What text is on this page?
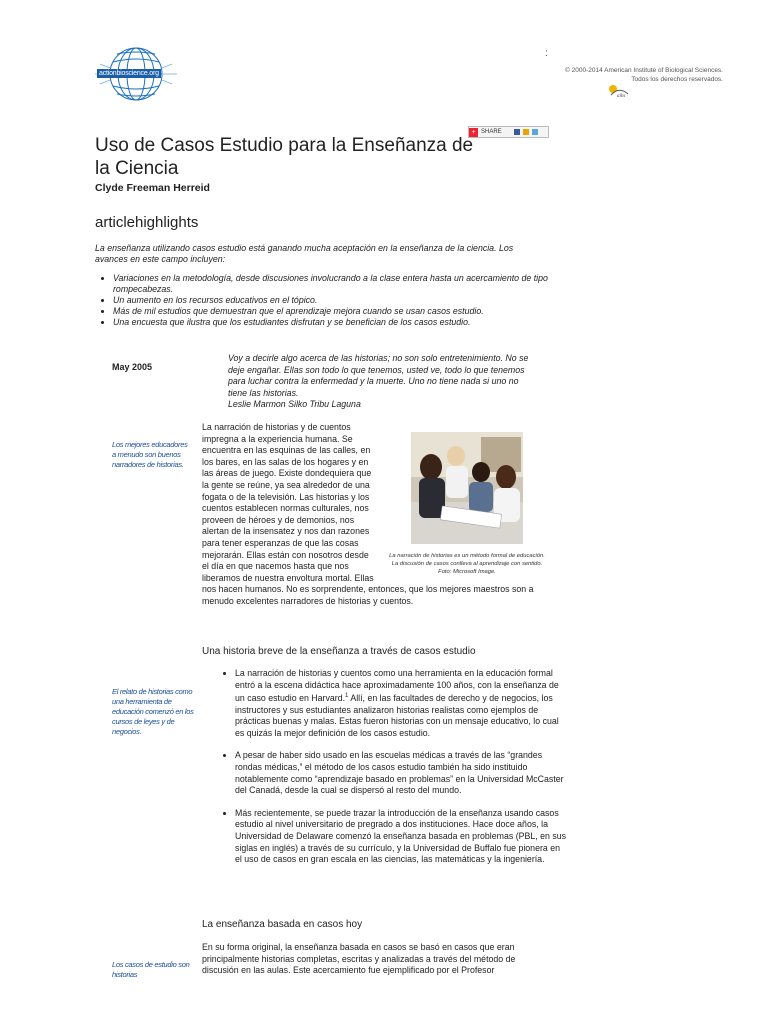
actionbioscience.org
:
© 2000-2014 American Institute of Biological Sciences. Todos los derechos reservados.
aibs
+ SHARE
Uso de Casos Estudio para la Enseñanza de la Ciencia
Clyde Freeman Herreid
articlehighlights
La enseñanza utilizando casos estudio está ganando mucha aceptación en la enseñanza de la ciencia. Los avances en este campo incluyen:
• Variaciones en la metodología, desde discusiones involucrando a la clase entera hasta un acercamiento de tipo rompecabezas.
• Un aumento en los recursos educativos en el tópico.
• Más de mil estudios que demuestran que el aprendizaje mejora cuando se usan casos estudio.
• Una encuesta que ilustra que los estudiantes disfrutan y se benefician de los casos estudio.
May 2005
Voy a decirle algo acerca de las historias; no son solo entretenimiento. No se deje engañar. Ellas son todo lo que tenemos, usted ve, todo lo que tenemos para luchar contra la enfermedad y la muerte. Uno no tiene nada si uno no tiene las historias.
Leslie Marmon Silko Tribu Laguna
Los mejores educadores a menudo son buenos narradores de historias.
El relato de historias como una herramienta de educación comenzó en los cursos de leyes y de negocios.
Los casos de estudio son historias
La narración de historias es un método formal de educación. La discusión de casos conlleva al aprendizaje con sentido. Foto: Microsoft Image.
La narración de historias y de cuentos impregna a la experiencia humana. Se encuentra en las esquinas de las calles, en los bares, en las salas de los hogares y en las áreas de juego. Existe dondequiera que la gente se reúne, ya sea alrededor de una fogata o de la televisión. Las historias y los cuentos establecen normas culturales, nos proveen de héroes y de demonios, nos alertan de la insensatez y nos dan razones para tener esperanzas de que las cosas mejorarán. Ellas están con nosotros desde el día en que nacemos hasta que nos liberamos de nuestra envoltura mortal. Ellas nos hacen humanos. No es sorprendente, entonces, que los mejores maestros son a menudo excelentes narradores de historias y cuentos.
Una historia breve de la enseñanza a través de casos estudio
• La narración de historias y cuentos como una herramienta en la educación formal entró a la escena didáctica hace aproximadamente 100 años, con la enseñanza de un caso estudio en Harvard.$^1$ Allí, en las facultades de derecho y de negocios, los instructores y sus estudiantes analizaron historias realistas como ejemplos de prácticas buenas y malas. Estas fueron historias con un mensaje educativo, lo cual es quizás la mejor definición de los casos estudio.
• A pesar de haber sido usado en las escuelas médicas a través de las “grandes rondas médicas,” el método de los casos estudio también ha sido instituido notablemente como “aprendizaje basado en problemas” en la Universidad McCaster del Canadá, desde la cual se dispersó al resto del mundo.
• Más recientemente, se puede trazar la introducción de la enseñanza usando casos estudio al nivel universitario de pregrado a dos instituciones. Hace doce años, la Universidad de Delaware comenzó la enseñanza basada en problemas (PBL, en sus siglas en inglés) a través de su currículo, y la Universidad de Buffalo fue pionera en el uso de casos en gran escala en las ciencias, las matemáticas y la ingeniería.
La enseñanza basada en casos hoy
En su forma original, la enseñanza basada en casos se basó en casos que eran principalmente historias completas, escritas y analizadas a través del método de discusión en las aulas. Este acercamiento fue ejemplificado por el Profesor
